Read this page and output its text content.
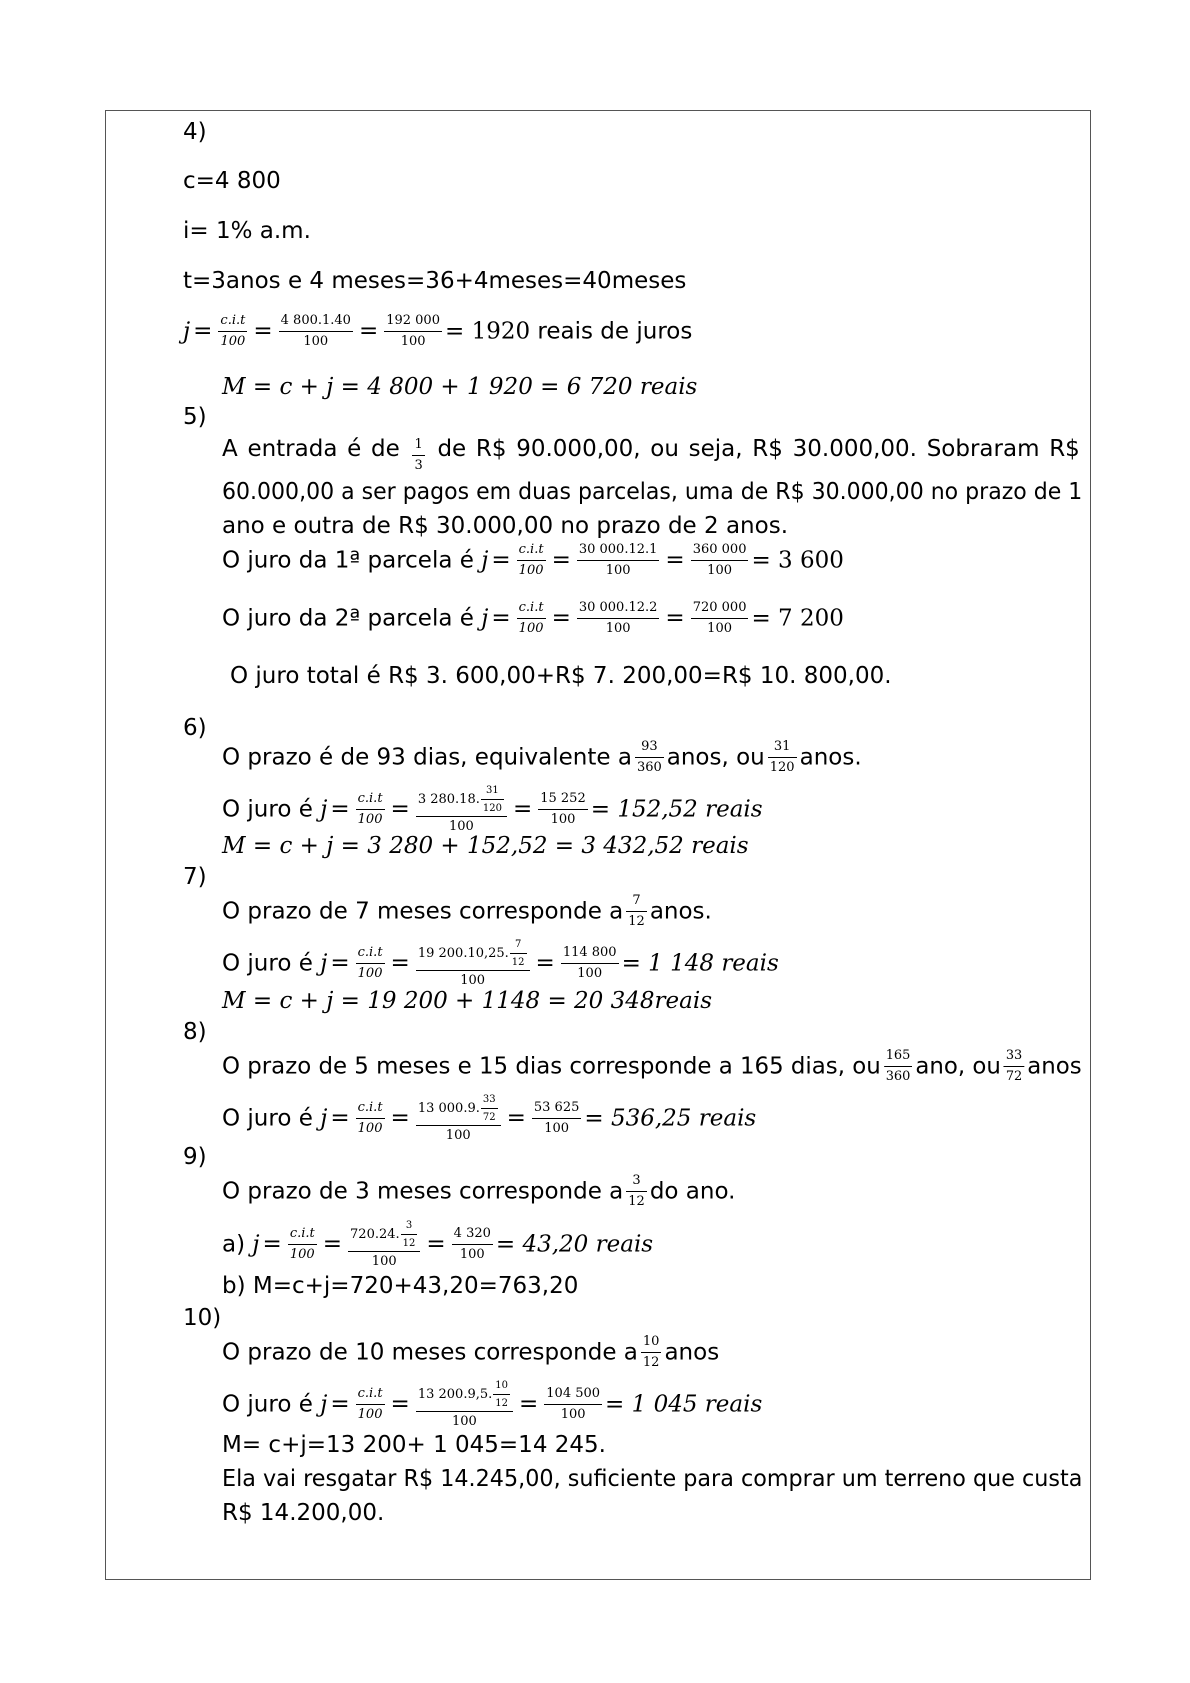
4)
c=4 800
i= 1% a.m.
t=3anos e 4 meses=36+4meses=40meses
$j = \frac{c.i.t}{100} = \frac{4 800.1.40}{100} = \frac{192 000}{100} = 1920$ reais de juros
M = c + j = 4 800 + 1 920 = 6 720 reais
5)
A entrada é de $\frac{1}{3}$ de R$ 90.000,00, ou seja, R$ 30.000,00. Sobraram R$
60.000,00 a ser pagos em duas parcelas, uma de R$ 30.000,00 no prazo de 1
ano e outra de R$ 30.000,00 no prazo de 2 anos.
O juro da 1ª parcela é $j = \frac{c.i.t}{100} = \frac{30 000.12.1}{100} = \frac{360 000}{100} = 3$ 600
O juro da 2ª parcela é $j = \frac{c.i.t}{100} = \frac{30 000.12.2}{100} = \frac{720 000}{100} = 7$ 200
O juro total é R$ 3. 600,00+R$ 7. 200,00=R$ 10. 800,00.
6)
O prazo é de 93 dias, equivalente a $\frac{93}{360}$ anos, ou $\frac{31}{120}$ anos.
O juro é $j = \frac{c.i.t}{100} = \frac{3 280.18. \frac{31}{120}}{100} = \frac{15 252}{100} = 152,52$ reais
M = c + j = 3 280 + 152,52 = 3 432,52 reais
7)
O prazo de 7 meses corresponde a $\frac{7}{12}$ anos.
O juro é $j = \frac{c.i.t}{100} = \frac{19 200.10,25. \frac{7}{12}}{100} = \frac{114 800}{100} = 1$ 148 reais
M = c + j = 19 200 + 1148 = 20 348reais
8)
O prazo de 5 meses e 15 dias corresponde a 165 dias, ou $\frac{165}{360}$ ano, ou $\frac{33}{72}$ anos
O juro é $j = \frac{c.i.t}{100} = \frac{13 000.9. \frac{33}{72}}{100} = \frac{53 625}{100} = 536,25$ reais
9)
O prazo de 3 meses corresponde a $\frac{3}{12}$ do ano.
a) $j = \frac{c.i.t}{100} = \frac{720.24. \frac{3}{12}}{100} = \frac{4 320}{100} = 43,20$ reais
b) M=c+j=720+43,20=763,20
10)
O prazo de 10 meses corresponde a $\frac{10}{12}$ anos
O juro é $j = \frac{c.i.t}{100} = \frac{13 200.9,5. \frac{10}{12}}{100} = \frac{104 500}{100} = 1$ 045 reais
M= c+j=13 200+ 1 045=14 245.
Ela vai resgatar R$ 14.245,00, suficiente para comprar um terreno que custa
R$ 14.200,00.
